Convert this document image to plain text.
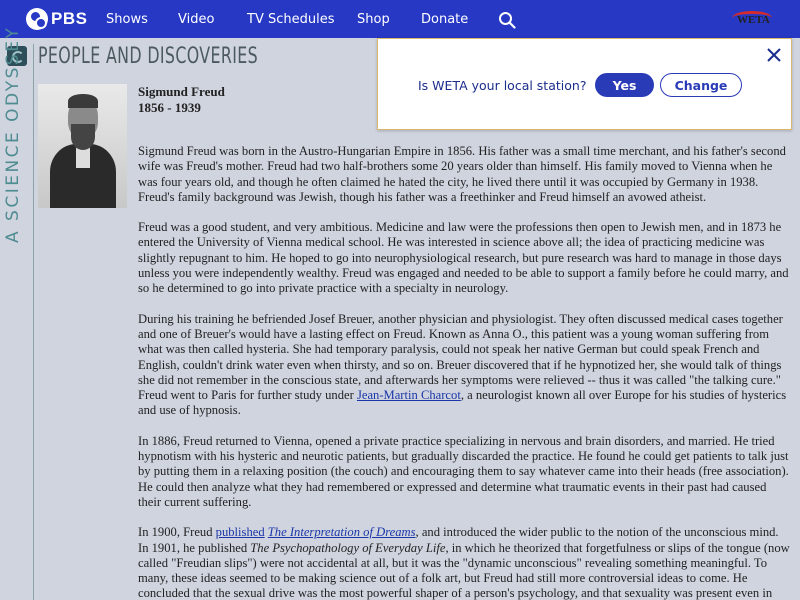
PBS Shows Video	TV Schedules	Shop	Donate	WETA
A SCIENCE ODYSSEY PEOPLE AND DISCOVERIES
Sigmund Freud
1856 - 1939

Sigmund Freud was born in the Austro-Hungarian Empire in 1856. His father was a small time merchant, and his father's second wife was Freud's mother. Freud had two half-brothers some 20 years older than himself. His family moved to Vienna when he was four years old, and though he often claimed he hated the city, he lived there until it was occupied by Germany in 1938. Freud's family background was Jewish, though his father was a freethinker and Freud himself an avowed atheist.

Freud was a good student, and very ambitious. Medicine and law were the professions then open to Jewish men, and in 1873 he entered the University of Vienna medical school. He was interested in science above all; the idea of practicing medicine was slightly repugnant to him. He hoped to go into neurophysiological research, but pure research was hard to manage in those days unless you were independently wealthy. Freud was engaged and needed to be able to support a family before he could marry, and so he determined to go into private practice with a specialty in neurology.

During his training he befriended Josef Breuer, another physician and physiologist. They often discussed medical cases together and one of Breuer's would have a lasting effect on Freud. Known as Anna O., this patient was a young woman suffering from what was then called hysteria. She had temporary paralysis, could not speak her native German but could speak French and English, couldn't drink water even when thirsty, and so on. Breuer discovered that if he hypnotized her, she would talk of things she did not remember in the conscious state, and afterwards her symptoms were relieved -- thus it was called "the talking cure." Freud went to Paris for further study under Jean-Martin Charcot, a neurologist known all over Europe for his studies of hysterics and use of hypnosis.

In 1886, Freud returned to Vienna, opened a private practice specializing in nervous and brain disorders, and married. He tried hypnotism with his hysteric and neurotic patients, but gradually discarded the practice. He found he could get patients to talk just by putting them in a relaxing position (the couch) and encouraging them to say whatever came into their heads (free association). He could then analyze what they had remembered or expressed and determine what traumatic events in their past had caused their current suffering.

In 1900, Freud published The Interpretation of Dreams, and introduced the wider public to the notion of the unconscious mind. In 1901, he published The Psychopathology of Everyday Life, in which he theorized that forgetfulness or slips of the tongue (now called "Freudian slips") were not accidental at all, but it was the "dynamic unconscious" revealing something meaningful. To many, these ideas seemed to be making science out of a folk art, but Freud had still more controversial ideas to come. He concluded that the sexual drive was the most powerful shaper of a person's psychology, and that sexuality was present even in

Is WETA your local station?	Yes	Change
